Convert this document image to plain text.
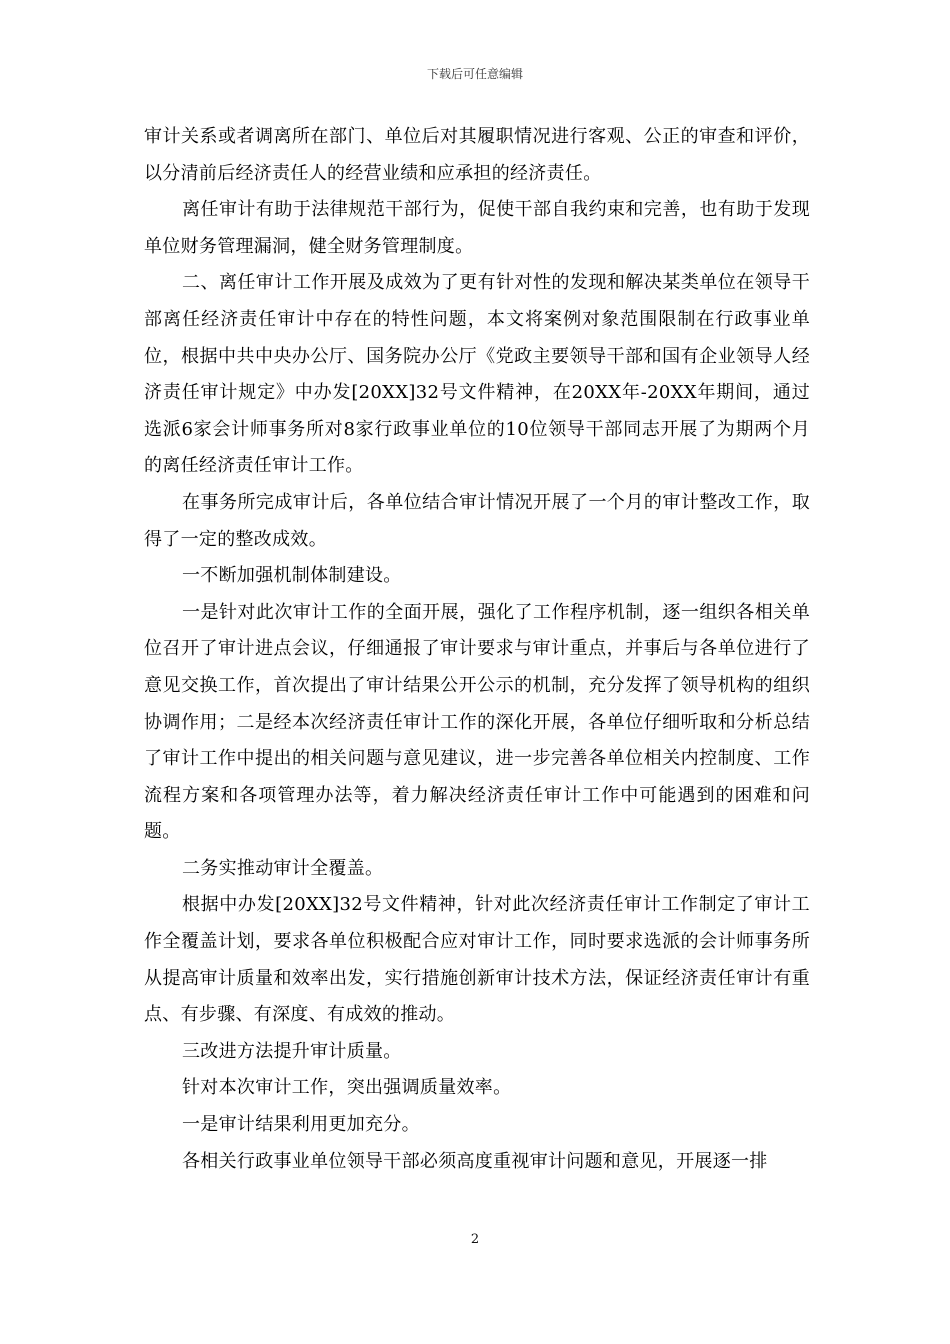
下载后可任意编辑

审计关系或者调离所在部门、单位后对其履职情况进行客观、公正的审查和评价，以分清前后经济责任人的经营业绩和应承担的经济责任。

离任审计有助于法律规范干部行为，促使干部自我约束和完善，也有助于发现单位财务管理漏洞，健全财务管理制度。

二、离任审计工作开展及成效为了更有针对性的发现和解决某类单位在领导干部离任经济责任审计中存在的特性问题，本文将案例对象范围限制在行政事业单位，根据中共中央办公厅、国务院办公厅《党政主要领导干部和国有企业领导人经济责任审计规定》中办发[20XX]32号文件精神，在20XX年-20XX年期间，通过选派6家会计师事务所对8家行政事业单位的10位领导干部同志开展了为期两个月的离任经济责任审计工作。

在事务所完成审计后，各单位结合审计情况开展了一个月的审计整改工作，取得了一定的整改成效。

一不断加强机制体制建设。

一是针对此次审计工作的全面开展，强化了工作程序机制，逐一组织各相关单位召开了审计进点会议，仔细通报了审计要求与审计重点，并事后与各单位进行了意见交换工作，首次提出了审计结果公开公示的机制，充分发挥了领导机构的组织协调作用；二是经本次经济责任审计工作的深化开展，各单位仔细听取和分析总结了审计工作中提出的相关问题与意见建议，进一步完善各单位相关内控制度、工作流程方案和各项管理办法等，着力解决经济责任审计工作中可能遇到的困难和问题。

二务实推动审计全覆盖。

根据中办发[20XX]32号文件精神，针对此次经济责任审计工作制定了审计工作全覆盖计划，要求各单位积极配合应对审计工作，同时要求选派的会计师事务所从提高审计质量和效率出发，实行措施创新审计技术方法，保证经济责任审计有重点、有步骤、有深度、有成效的推动。

三改进方法提升审计质量。

针对本次审计工作，突出强调质量效率。

一是审计结果利用更加充分。

各相关行政事业单位领导干部必须高度重视审计问题和意见，开展逐一排

2
